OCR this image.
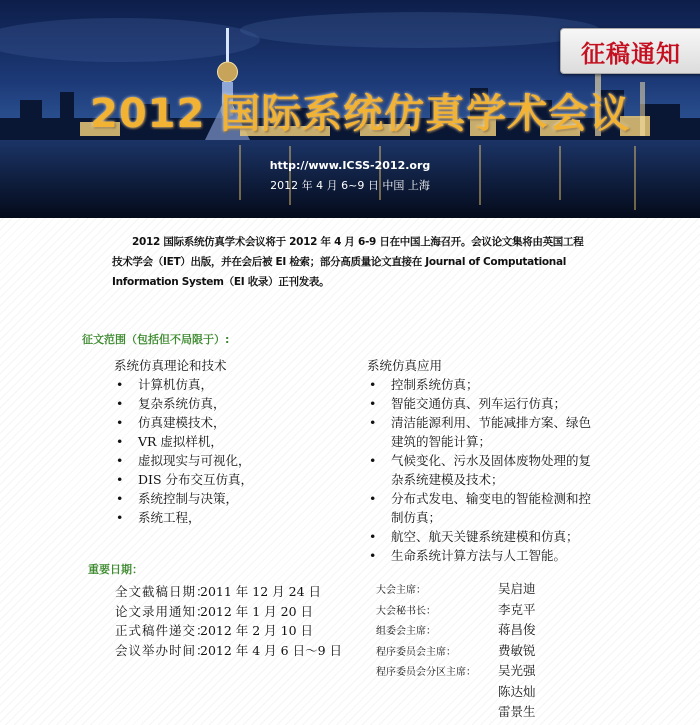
征稿通知
2012 国际系统仿真学术会议
http://www.ICSS-2012.org
2012 年 4 月 6~9 日 中国 上海
2012 国际系统仿真学术会议将于 2012 年 4 月 6-9 日在中国上海召开。会议论文集将由英国工程技术学会（IET）出版，并在会后被 EI 检索；部分高质量论文直接在 Journal of Computational Information System（EI 收录）正刊发表。
征文范围（包括但不局限于）:
系统仿真理论和技术
• 计算机仿真，
• 复杂系统仿真，
• 仿真建模技术，
• VR 虚拟样机，
• 虚拟现实与可视化，
• DIS 分布交互仿真，
• 系统控制与决策，
• 系统工程，
系统仿真应用
• 控制系统仿真；
• 智能交通仿真、列车运行仿真；
• 清洁能源利用、节能减排方案、绿色
建筑的智能计算；
• 气候变化、污水及固体废物处理的复
杂系统建模及技术；
• 分布式发电、输变电的智能检测和控
制仿真；
• 航空、航天关键系统建模和仿真；
• 生命系统计算方法与人工智能。
重要日期：
全文截稿日期：
2011 年 12 月 24 日
论文录用通知：
2012 年 1 月 20 日
正式稿件递交：
2012 年 2 月 10 日
会议举办时间：
2012 年 4 月 6 日～9 日
大会主席：	吴启迪
大会秘书长：	李克平
组委会主席：	蒋昌俊
程序委员会主席：	费敏锐
程序委员会分区主席： 吴光强
陈达灿
雷景生
